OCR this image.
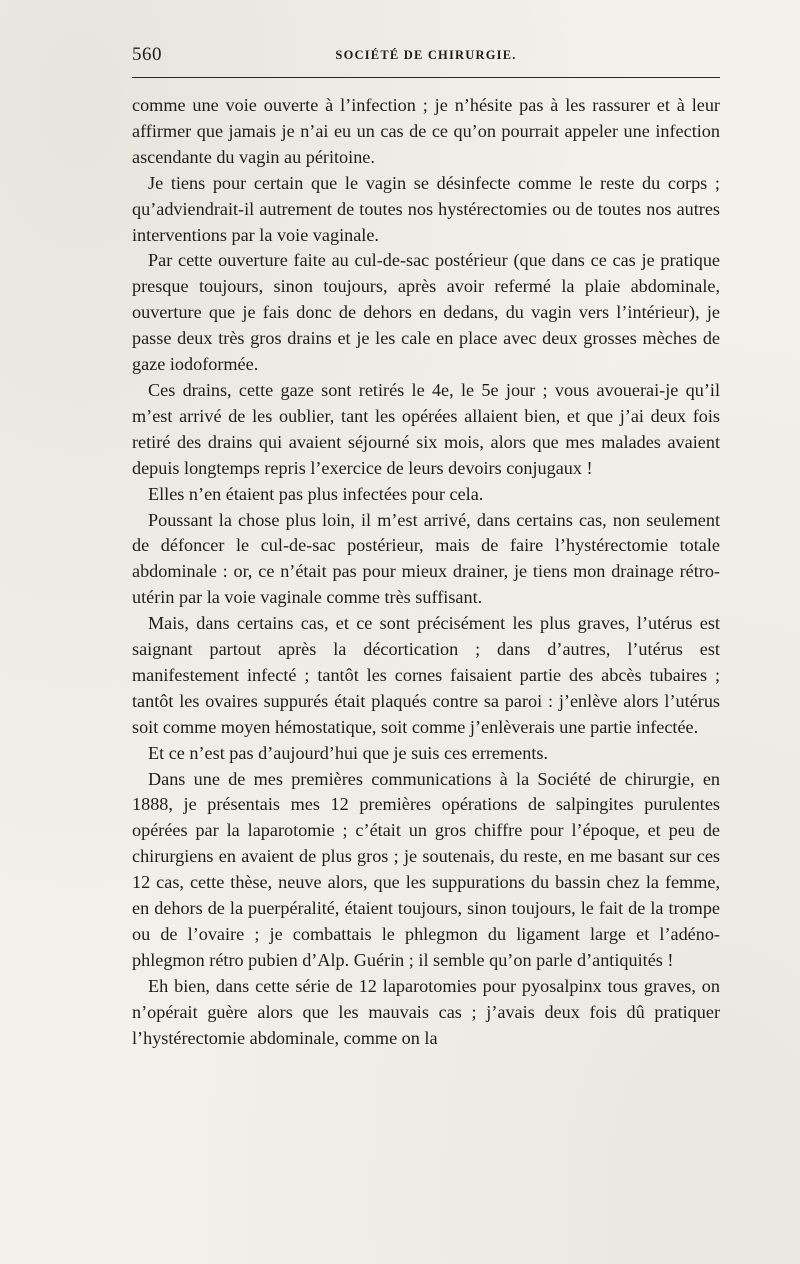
560	SOCIÉTÉ DE CHIRURGIE.

comme une voie ouverte à l’infection ; je n’hésite pas à les rassurer et à leur affirmer que jamais je n’ai eu un cas de ce qu’on pourrait appeler une infection ascendante du vagin au péritoine.

Je tiens pour certain que le vagin se désinfecte comme le reste du corps ; qu’adviendrait-il autrement de toutes nos hystérectomies ou de toutes nos autres interventions par la voie vaginale.

Par cette ouverture faite au cul-de-sac postérieur (que dans ce cas je pratique presque toujours, sinon toujours, après avoir refermé la plaie abdominale, ouverture que je fais donc de dehors en dedans, du vagin vers l’intérieur), je passe deux très gros drains et je les cale en place avec deux grosses mèches de gaze iodoformée.

Ces drains, cette gaze sont retirés le 4e, le 5e jour ; vous avouerai-je qu’il m’est arrivé de les oublier, tant les opérées allaient bien, et que j’ai deux fois retiré des drains qui avaient séjourné six mois, alors que mes malades avaient depuis longtemps repris l’exercice de leurs devoirs conjugaux !

Elles n’en étaient pas plus infectées pour cela.

Poussant la chose plus loin, il m’est arrivé, dans certains cas, non seulement de défoncer le cul-de-sac postérieur, mais de faire l’hystérectomie totale abdominale : or, ce n’était pas pour mieux drainer, je tiens mon drainage rétro-utérin par la voie vaginale comme très suffisant.

Mais, dans certains cas, et ce sont précisément les plus graves, l’utérus est saignant partout après la décortication ; dans d’autres, l’utérus est manifestement infecté ; tantôt les cornes faisaient partie des abcès tubaires ; tantôt les ovaires suppurés était plaqués contre sa paroi : j’enlève alors l’utérus soit comme moyen hémostatique, soit comme j’enlèverais une partie infectée.

Et ce n’est pas d’aujourd’hui que je suis ces errements.

Dans une de mes premières communications à la Société de chirurgie, en 1888, je présentais mes 12 premières opérations de salpingites purulentes opérées par la laparotomie ; c’était un gros chiffre pour l’époque, et peu de chirurgiens en avaient de plus gros ; je soutenais, du reste, en me basant sur ces 12 cas, cette thèse, neuve alors, que les suppurations du bassin chez la femme, en dehors de la puerpéralité, étaient toujours, sinon toujours, le fait de la trompe ou de l’ovaire ; je combattais le phlegmon du ligament large et l’adéno-phlegmon rétro pubien d’Alp. Guérin ; il semble qu’on parle d’antiquités !

Eh bien, dans cette série de 12 laparotomies pour pyosalpinx tous graves, on n’opérait guère alors que les mauvais cas ; j’avais deux fois dû pratiquer l’hystérectomie abdominale, comme on la
